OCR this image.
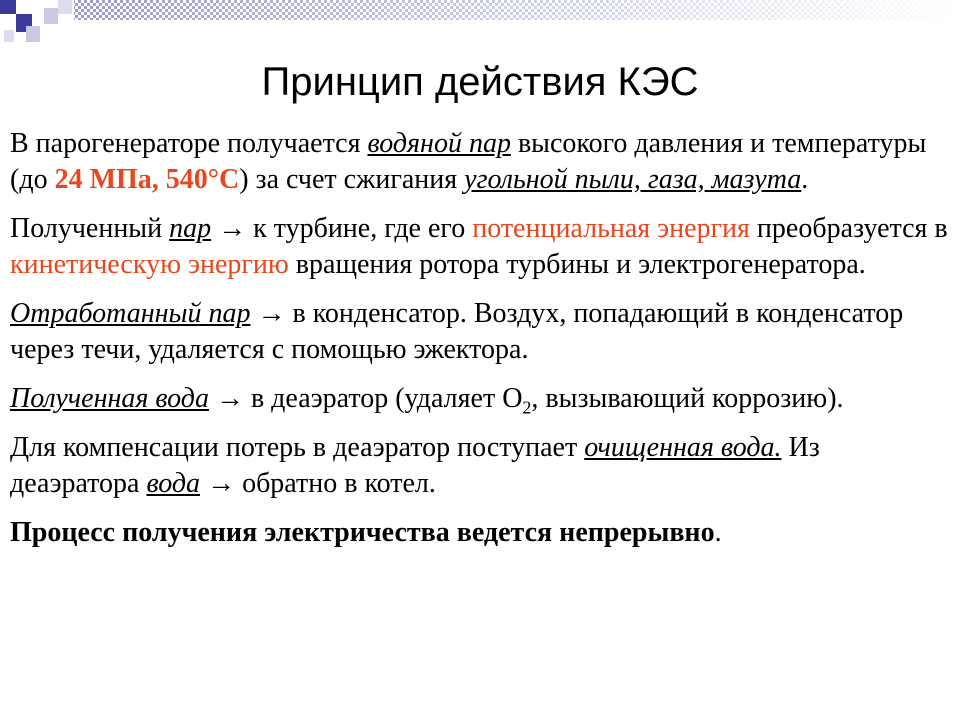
Принцип действия КЭС

В парогенераторе получается водяной пар высокого давления и температуры (до 24 МПа, 540°С) за счет сжигания угольной пыли, газа, мазута.

Полученный пар → к турбине, где его потенциальная энергия преобразуется в кинетическую энергию вращения ротора турбины и электрогенератора.

Отработанный пар → в конденсатор. Воздух, попадающий в конденсатор через течи, удаляется с помощью эжектора.

Полученная вода → в деаэратор (удаляет $О_2$, вызывающий коррозию).

Для компенсации потерь в деаэратор поступает очищенная вода. Из деаэратора вода → обратно в котел.

Процесс получения электричества ведется непрерывно.
